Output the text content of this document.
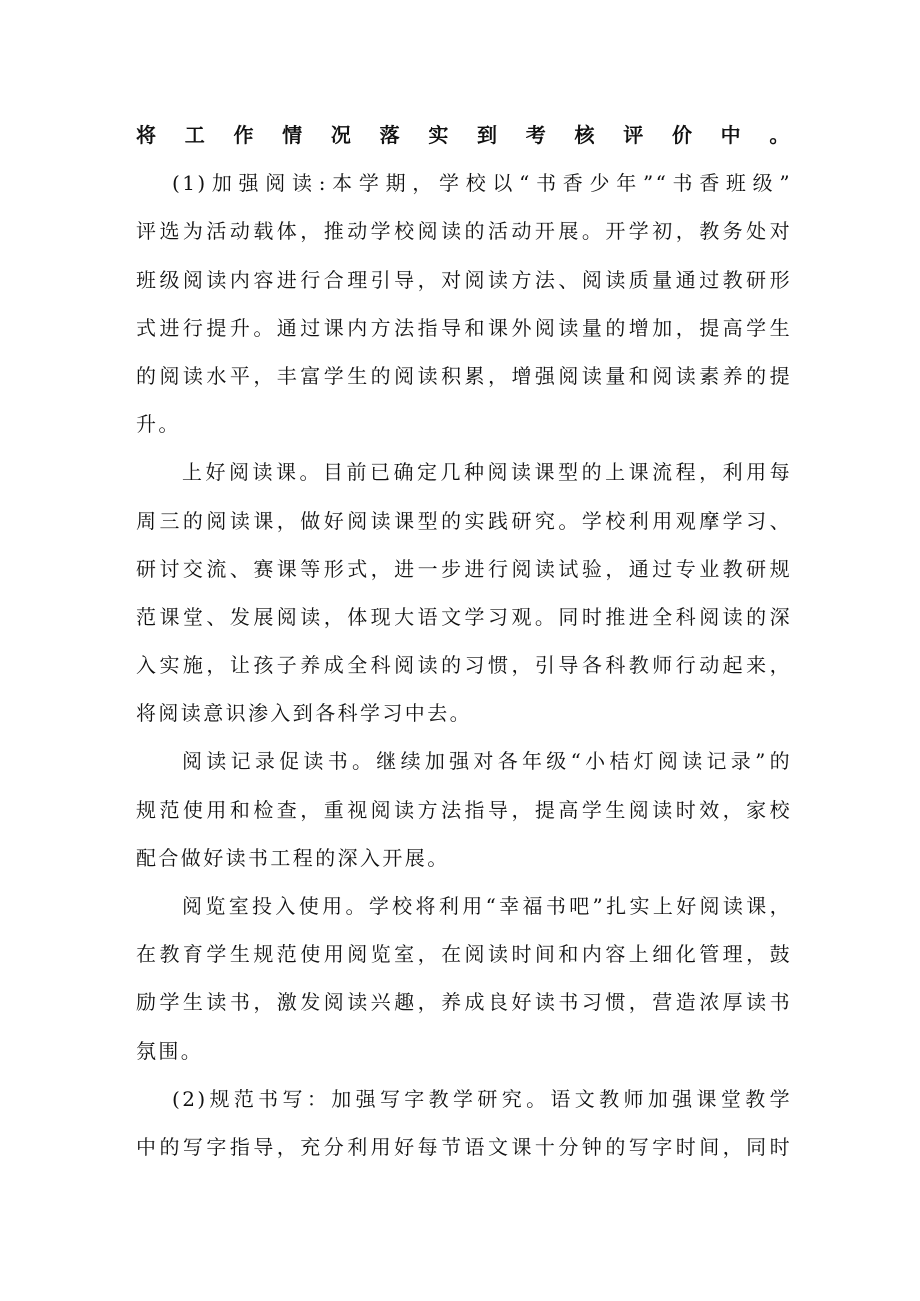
将工作情况落实到考核评价中。
(1)加强阅读:本学期，学校以“书香少年”“书香班级”
评选为活动载体，推动学校阅读的活动开展。开学初，教务处对
班级阅读内容进行合理引导，对阅读方法、阅读质量通过教研形
式进行提升。通过课内方法指导和课外阅读量的增加，提高学生
的阅读水平，丰富学生的阅读积累，增强阅读量和阅读素养的提
升。
上好阅读课。目前已确定几种阅读课型的上课流程，利用每
周三的阅读课，做好阅读课型的实践研究。学校利用观摩学习、
研讨交流、赛课等形式，进一步进行阅读试验，通过专业教研规
范课堂、发展阅读，体现大语文学习观。同时推进全科阅读的深
入实施，让孩子养成全科阅读的习惯，引导各科教师行动起来，
将阅读意识渗入到各科学习中去。
阅读记录促读书。继续加强对各年级“小桔灯阅读记录”的
规范使用和检查，重视阅读方法指导，提高学生阅读时效，家校
配合做好读书工程的深入开展。
阅览室投入使用。学校将利用“幸福书吧”扎实上好阅读课，
在教育学生规范使用阅览室，在阅读时间和内容上细化管理，鼓
励学生读书，激发阅读兴趣，养成良好读书习惯，营造浓厚读书
氛围。
(2)规范书写：加强写字教学研究。语文教师加强课堂教学
中的写字指导，充分利用好每节语文课十分钟的写字时间，同时
